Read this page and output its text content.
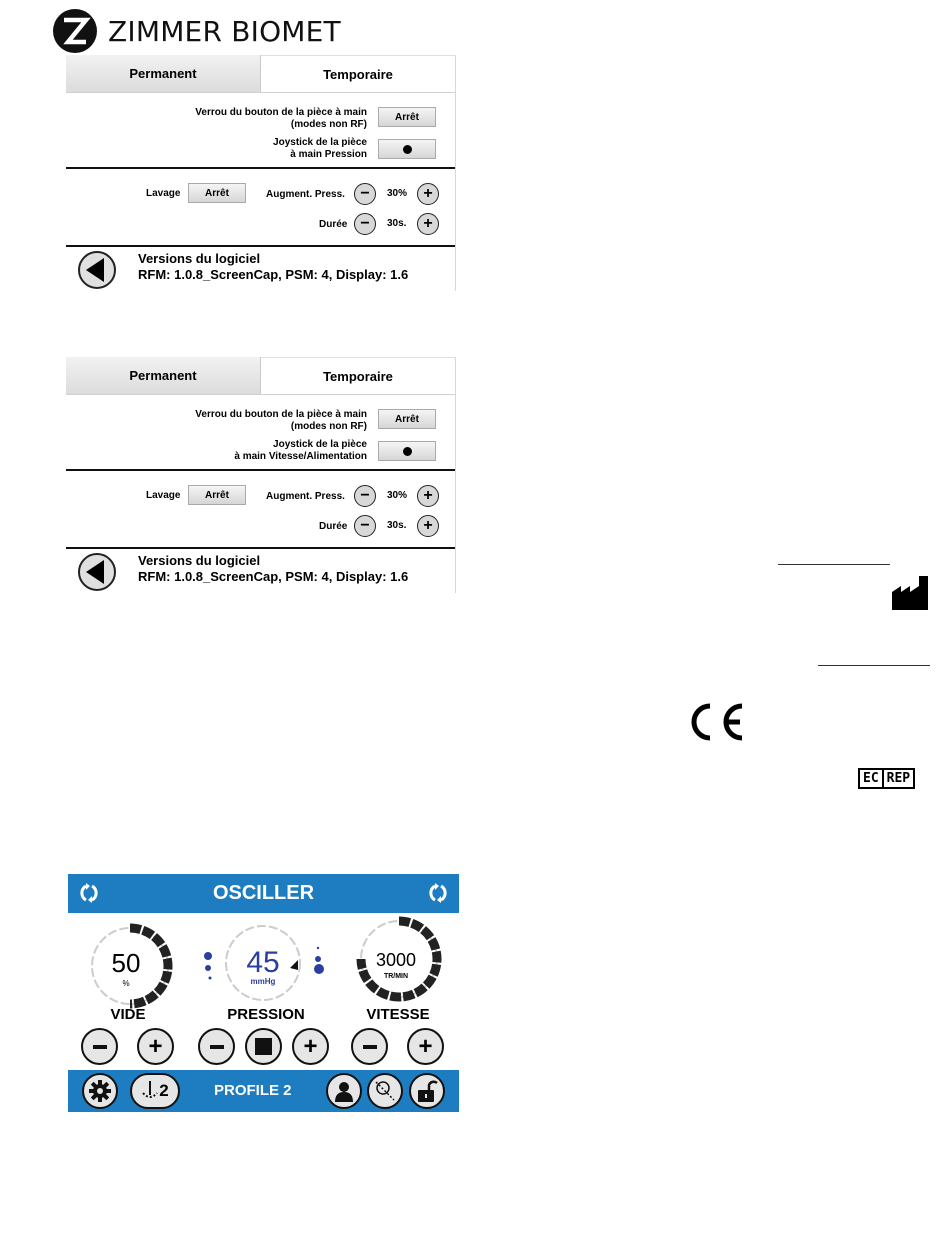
ZIMMER BIOMET
Permanent	Temporaire
Verrou du bouton de la pièce à main
(modes non RF)
Arrêt
Joystick de la pièce
à main Pression
Lavage	Arrêt	Augment. Press. −	30%	+
Durée −	30s.	+
Versions du logiciel
RFM: 1.0.8_ScreenCap, PSM: 4, Display: 1.6
Permanent	Temporaire
Verrou du bouton de la pièce à main
(modes non RF)
Arrêt
Joystick de la pièce
à main Vitesse/Alimentation
Lavage	Arrêt	Augment. Press. −	30%	+
Durée −	30s.	+
Versions du logiciel
RFM: 1.0.8_ScreenCap, PSM: 4, Display: 1.6
EC REP
OSCILLER
50
%
VIDE
45
mmHg
PRESSION
3000
TR/MIN
VITESSE
+	+	+
2	PROFILE 2
